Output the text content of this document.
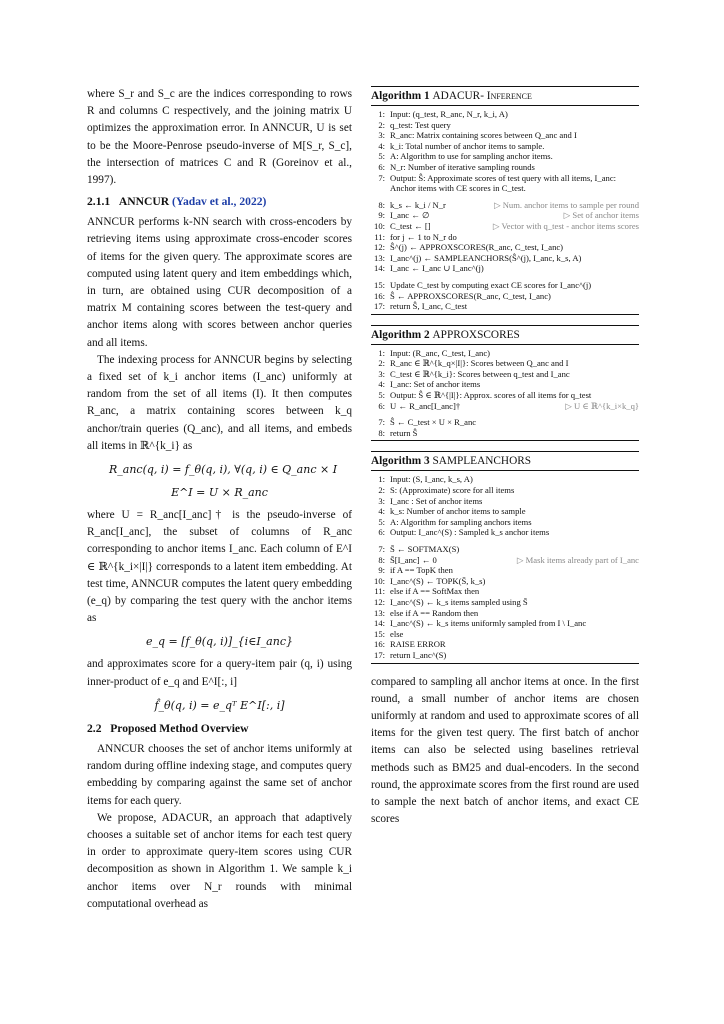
where S_r and S_c are the indices corresponding to rows R and columns C respectively, and the joining matrix U optimizes the approximation error. In ANNCUR, U is set to be the Moore-Penrose pseudo-inverse of M[S_r, S_c], the intersection of matrices C and R (Goreinov et al., 1997).

2.1.1 ANNCUR (Yadav et al., 2022)

ANNCUR performs k-NN search with cross-encoders by retrieving items using approximate cross-encoder scores of items for the given query. The approximate scores are computed using latent query and item embeddings which, in turn, are obtained using CUR decomposition of a matrix M containing scores between the test-query and anchor items along with scores between anchor queries and all items.

The indexing process for ANNCUR begins by selecting a fixed set of k_i anchor items (I_anc) uniformly at random from the set of all items (I). It then computes R_anc, a matrix containing scores between k_q anchor/train queries (Q_anc), and all items, and embeds all items in ℝ^{k_i} as

R_anc(q, i) = f_θ(q, i), ∀(q, i) ∈ Q_anc × I
E^I = U × R_anc

where U = R_anc[I_anc]† is the pseudo-inverse of R_anc[I_anc], the subset of columns of R_anc corresponding to anchor items I_anc. Each column of E^I ∈ ℝ^{k_i×|I|} corresponds to a latent item embedding. At test time, ANNCUR computes the latent query embedding (e_q) by comparing the test query with the anchor items as

e_q = [f_θ(q, i)]_{i∈I_anc}

and approximates score for a query-item pair (q, i) using inner-product of e_q and E^I[:, i]

f̂_θ(q, i) = e_qᵀ E^I[:, i]
2.2 Proposed Method Overview

ANNCUR chooses the set of anchor items uniformly at random during offline indexing stage, and computes query embedding by comparing against the same set of anchor items for each query.

We propose, ADACUR, an approach that adaptively chooses a suitable set of anchor items for each test query in order to approximate query-item scores using CUR decomposition as shown in Algorithm 1. We sample k_i anchor items over N_r rounds with minimal computational overhead as

Algorithm 1 ADACUR- Inference
1: Input: (q_test, R_anc, N_r, k_i, A)
2: q_test: Test query
3: R_anc: Matrix containing scores between Q_anc and I
4: k_i: Total number of anchor items to sample.
5: A: Algorithm to use for sampling anchor items.
6: N_r: Number of iterative sampling rounds
7: Output: Ŝ: Approximate scores of test query with all items, I_anc: Anchor items with CE scores in C_test.
8: k_s ← k_i / N_r	▷ Num. anchor items to sample per round
9: I_anc ← ∅	▷ Set of anchor items
10: C_test ← []	▷ Vector with q_test - anchor items scores
11: for j ← 1 to N_r do
12: Ŝ^(j) ← APPROXSCORES(R_anc, C_test, I_anc)
13: I_anc^(j) ← SAMPLEANCHORS(Ŝ^(j), I_anc, k_s, A)
14: I_anc ← I_anc ∪ I_anc^(j)
15: Update C_test by computing exact CE scores for I_anc^(j)
16: Ŝ ← APPROXSCORES(R_anc, C_test, I_anc)
17: return Ŝ, I_anc, C_test
Algorithm 2 APPROXSCORES
1: Input: (R_anc, C_test, I_anc)
2: R_anc ∈ ℝ^{k_q×|I|}: Scores between Q_anc and I
3: C_test ∈ ℝ^{k_i}: Scores between q_test and I_anc
4: I_anc: Set of anchor items
5: Output: Ŝ ∈ ℝ^{|I|}: Approx. scores of all items for q_test
6: U ← R_anc[I_anc]†	▷ U ∈ ℝ^{k_i×k_q}
7: Ŝ ← C_test × U × R_anc
8: return Ŝ
Algorithm 3 SAMPLEANCHORS
1: Input: (S, I_anc, k_s, A)
2: S: (Approximate) score for all items
3: I_anc : Set of anchor items
4: k_s: Number of anchor items to sample
5: A: Algorithm for sampling anchors items
6: Output: I_anc^(S) : Sampled k_s anchor items
7: S̄ ← SOFTMAX(S)
8: S̄[I_anc] ← 0	▷ Mask items already part of I_anc
9: if A == TopK then
10: I_anc^(S) ← TOPK(S̄, k_s)
11: else if A == SoftMax then
12: I_anc^(S) ← k_s items sampled using S̄
13: else if A == Random then
14: I_anc^(S) ← k_s items uniformly sampled from I \ I_anc
15: else
16: RAISE ERROR
17: return I_anc^(S)

compared to sampling all anchor items at once. In the first round, a small number of anchor items are chosen uniformly at random and used to approximate scores of all items for the given test query. The first batch of anchor items can also be selected using baselines retrieval methods such as BM25 and dual-encoders. In the second round, the approximate scores from the first round are used to sample the next batch of anchor items, and exact CE scores
